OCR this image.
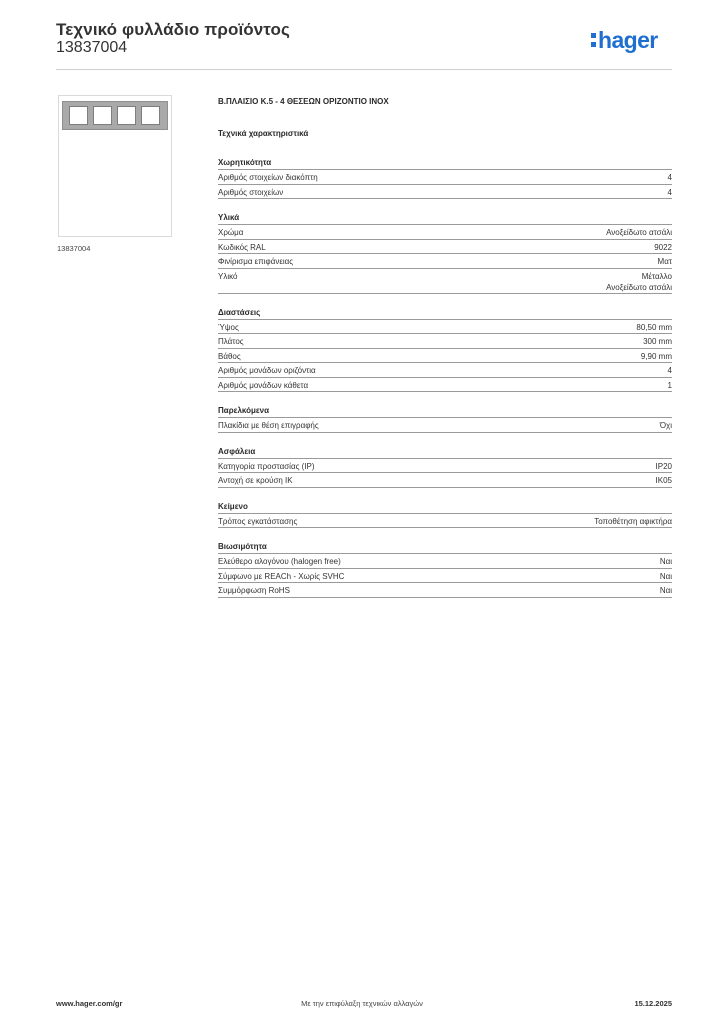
Τεχνικό φυλλάδιο προϊόντος
13837004	hager
13837004
Β.ΠΛΑΙΣΙΟ Κ.5 - 4 ΘΕΣΕΩΝ ΟΡΙΖΟΝΤΙΟ ΙΝΟΧ
Τεχνικά χαρακτηριστικά
Χωρητικότητα
Αριθμός στοιχείων διακόπτη	4
Αριθμός στοιχείων	4
Υλικά
Χρώμα	Ανοξείδωτο ατσάλι
Κωδικός RAL	9022
Φινίρισμα επιφάνειας	Ματ
Υλικό	Μέταλλο
Ανοξείδωτο ατσάλι
Διαστάσεις
Ύψος	80,50 mm
Πλάτος	300 mm
Βάθος	9,90 mm
Αριθμός μονάδων οριζόντια	4
Αριθμός μονάδων κάθετα	1
Παρελκόμενα
Πλακίδια με θέση επιγραφής	Όχι
Ασφάλεια
Κατηγορία προστασίας (IP)	IP20
Αντοχή σε κρούση IK	IK05
Κείμενο
Τρόπος εγκατάστασης	Τοποθέτηση αφικτήρα
Βιωσιμότητα
Ελεύθερο αλογόνου (halogen free)	Ναι
Σύμφωνο με REACh - Χωρίς SVHC	Ναι
Συμμόρφωση RoHS	Ναι
www.hager.com/gr	Με την επιφύλαξη τεχνικών αλλαγών	15.12.2025
